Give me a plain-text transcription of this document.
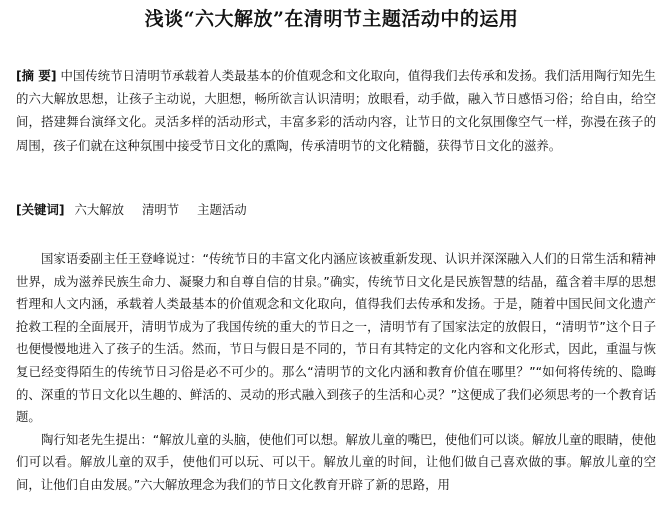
浅谈“六大解放”在清明节主题活动中的运用
[摘 要] 中国传统节日清明节承载着人类最基本的价值观念和文化取向，值得我们去传承和发扬。我们活用陶行知先生的六大解放思想，让孩子主动说，大胆想，畅所欲言认识清明；放眼看，动手做，融入节日感悟习俗；给自由，给空间，搭建舞台演绎文化。灵活多样的活动形式，丰富多彩的活动内容，让节日的文化氛围像空气一样，弥漫在孩子的周围，孩子们就在这种氛围中接受节日文化的熏陶，传承清明节的文化精髓，获得节日文化的滋养。
[关键词] 六大解放 清明节 主题活动

国家语委副主任王登峰说过：“传统节日的丰富文化内涵应该被重新发现、认识并深深融入人们的日常生活和精神世界，成为滋养民族生命力、凝聚力和自尊自信的甘泉。”确实，传统节日文化是民族智慧的结晶，蕴含着丰厚的思想哲理和人文内涵，承载着人类最基本的价值观念和文化取向，值得我们去传承和发扬。于是，随着中国民间文化遗产抢救工程的全面展开，清明节成为了我国传统的重大的节日之一，清明节有了国家法定的放假日，“清明节”这个日子也便慢慢地进入了孩子的生活。然而，节日与假日是不同的，节日有其特定的文化内容和文化形式，因此，重温与恢复已经变得陌生的传统节日习俗是必不可少的。那么“清明节的文化内涵和教育价值在哪里？”“如何将传统的、隐晦的、深重的节日文化以生趣的、鲜活的、灵动的形式融入到孩子的生活和心灵？”这便成了我们必须思考的一个教育话题。

陶行知老先生提出：“解放儿童的头脑，使他们可以想。解放儿童的嘴巴，使他们可以谈。解放儿童的眼睛，使他们可以看。解放儿童的双手，使他们可以玩、可以干。解放儿童的时间，让他们做自己喜欢做的事。解放儿童的空间，让他们自由发展。”六大解放理念为我们的节日文化教育开辟了新的思路，用
